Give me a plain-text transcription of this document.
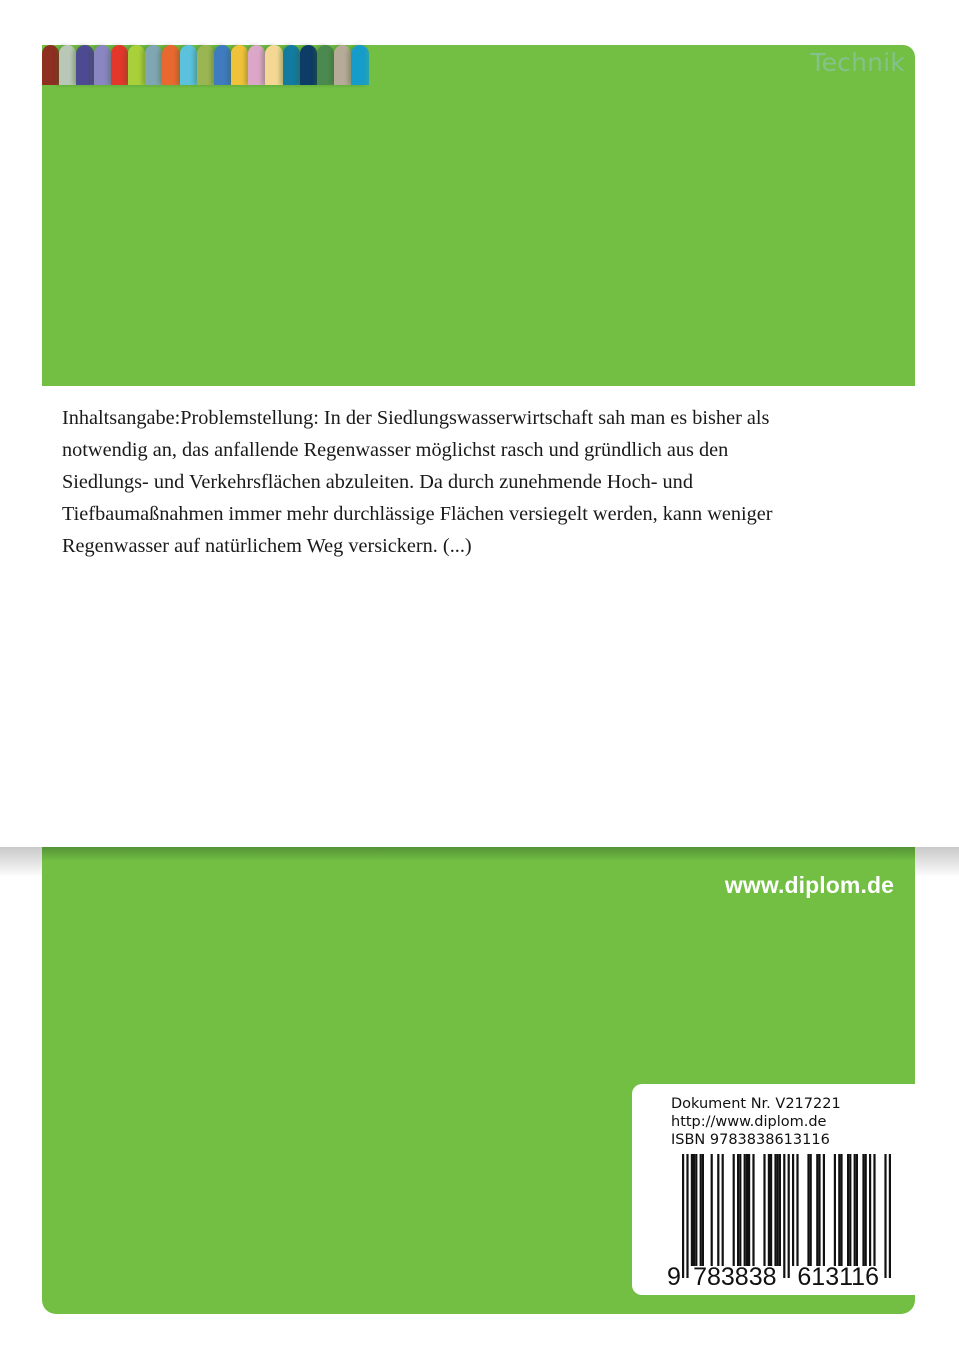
Technik
Inhaltsangabe:Problemstellung: In der Siedlungswasserwirtschaft sah man es bisher als
notwendig an, das anfallende Regenwasser möglichst rasch und gründlich aus den
Siedlungs- und Verkehrsflächen abzuleiten. Da durch zunehmende Hoch- und
Tiefbaumaßnahmen immer mehr durchlässige Flächen versiegelt werden, kann weniger
Regenwasser auf natürlichem Weg versickern. (...)
www.diplom.de
Dokument Nr. V217221
http://www.diplom.de
ISBN 9783838613116
9 783838 613116
